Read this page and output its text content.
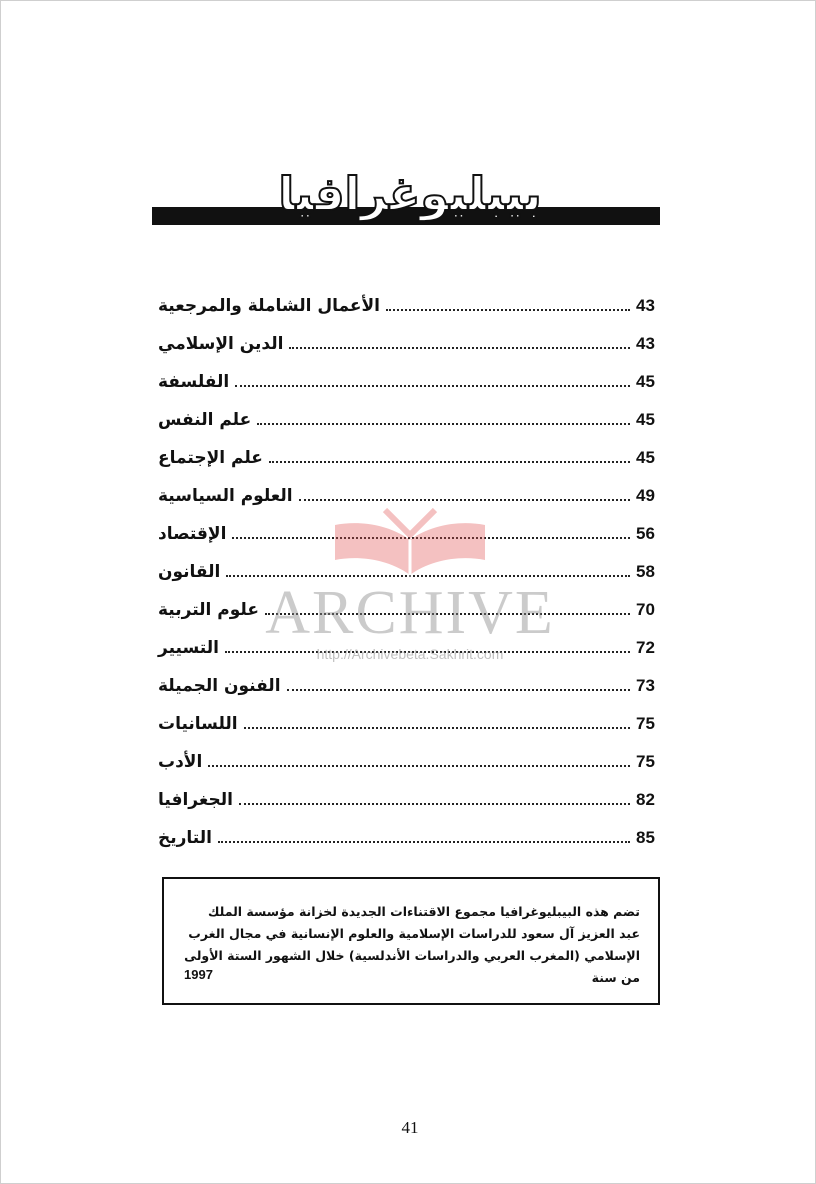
بيبليوغرافيا
الأعمال الشاملة والمرجعية	43
الدين الإسلامي	43
الفلسفة	45
علم النفس	45
علم الإجتماع	45
العلوم السياسية	49
الإقتصاد	56
القانون	58
علوم التربية	70
التسيير	72
الفنون الجميلة	73
اللسانيات	75
الأدب	75
الجغرافيا	82
التاريخ	85
ARCHIVE
http://Archivebeta.Sakhrit.com
تضم هذه البيبليوغرافيا مجموع الاقتناءات الجديدة لخزانة مؤسسة الملك عبد العزيز آل سعود للدراسات الإسلامية والعلوم الإنسانية في مجال الغرب الإسلامي (المغرب العربي والدراسات الأندلسية) خلال الشهور الستة الأولى من سنة
1997
41
